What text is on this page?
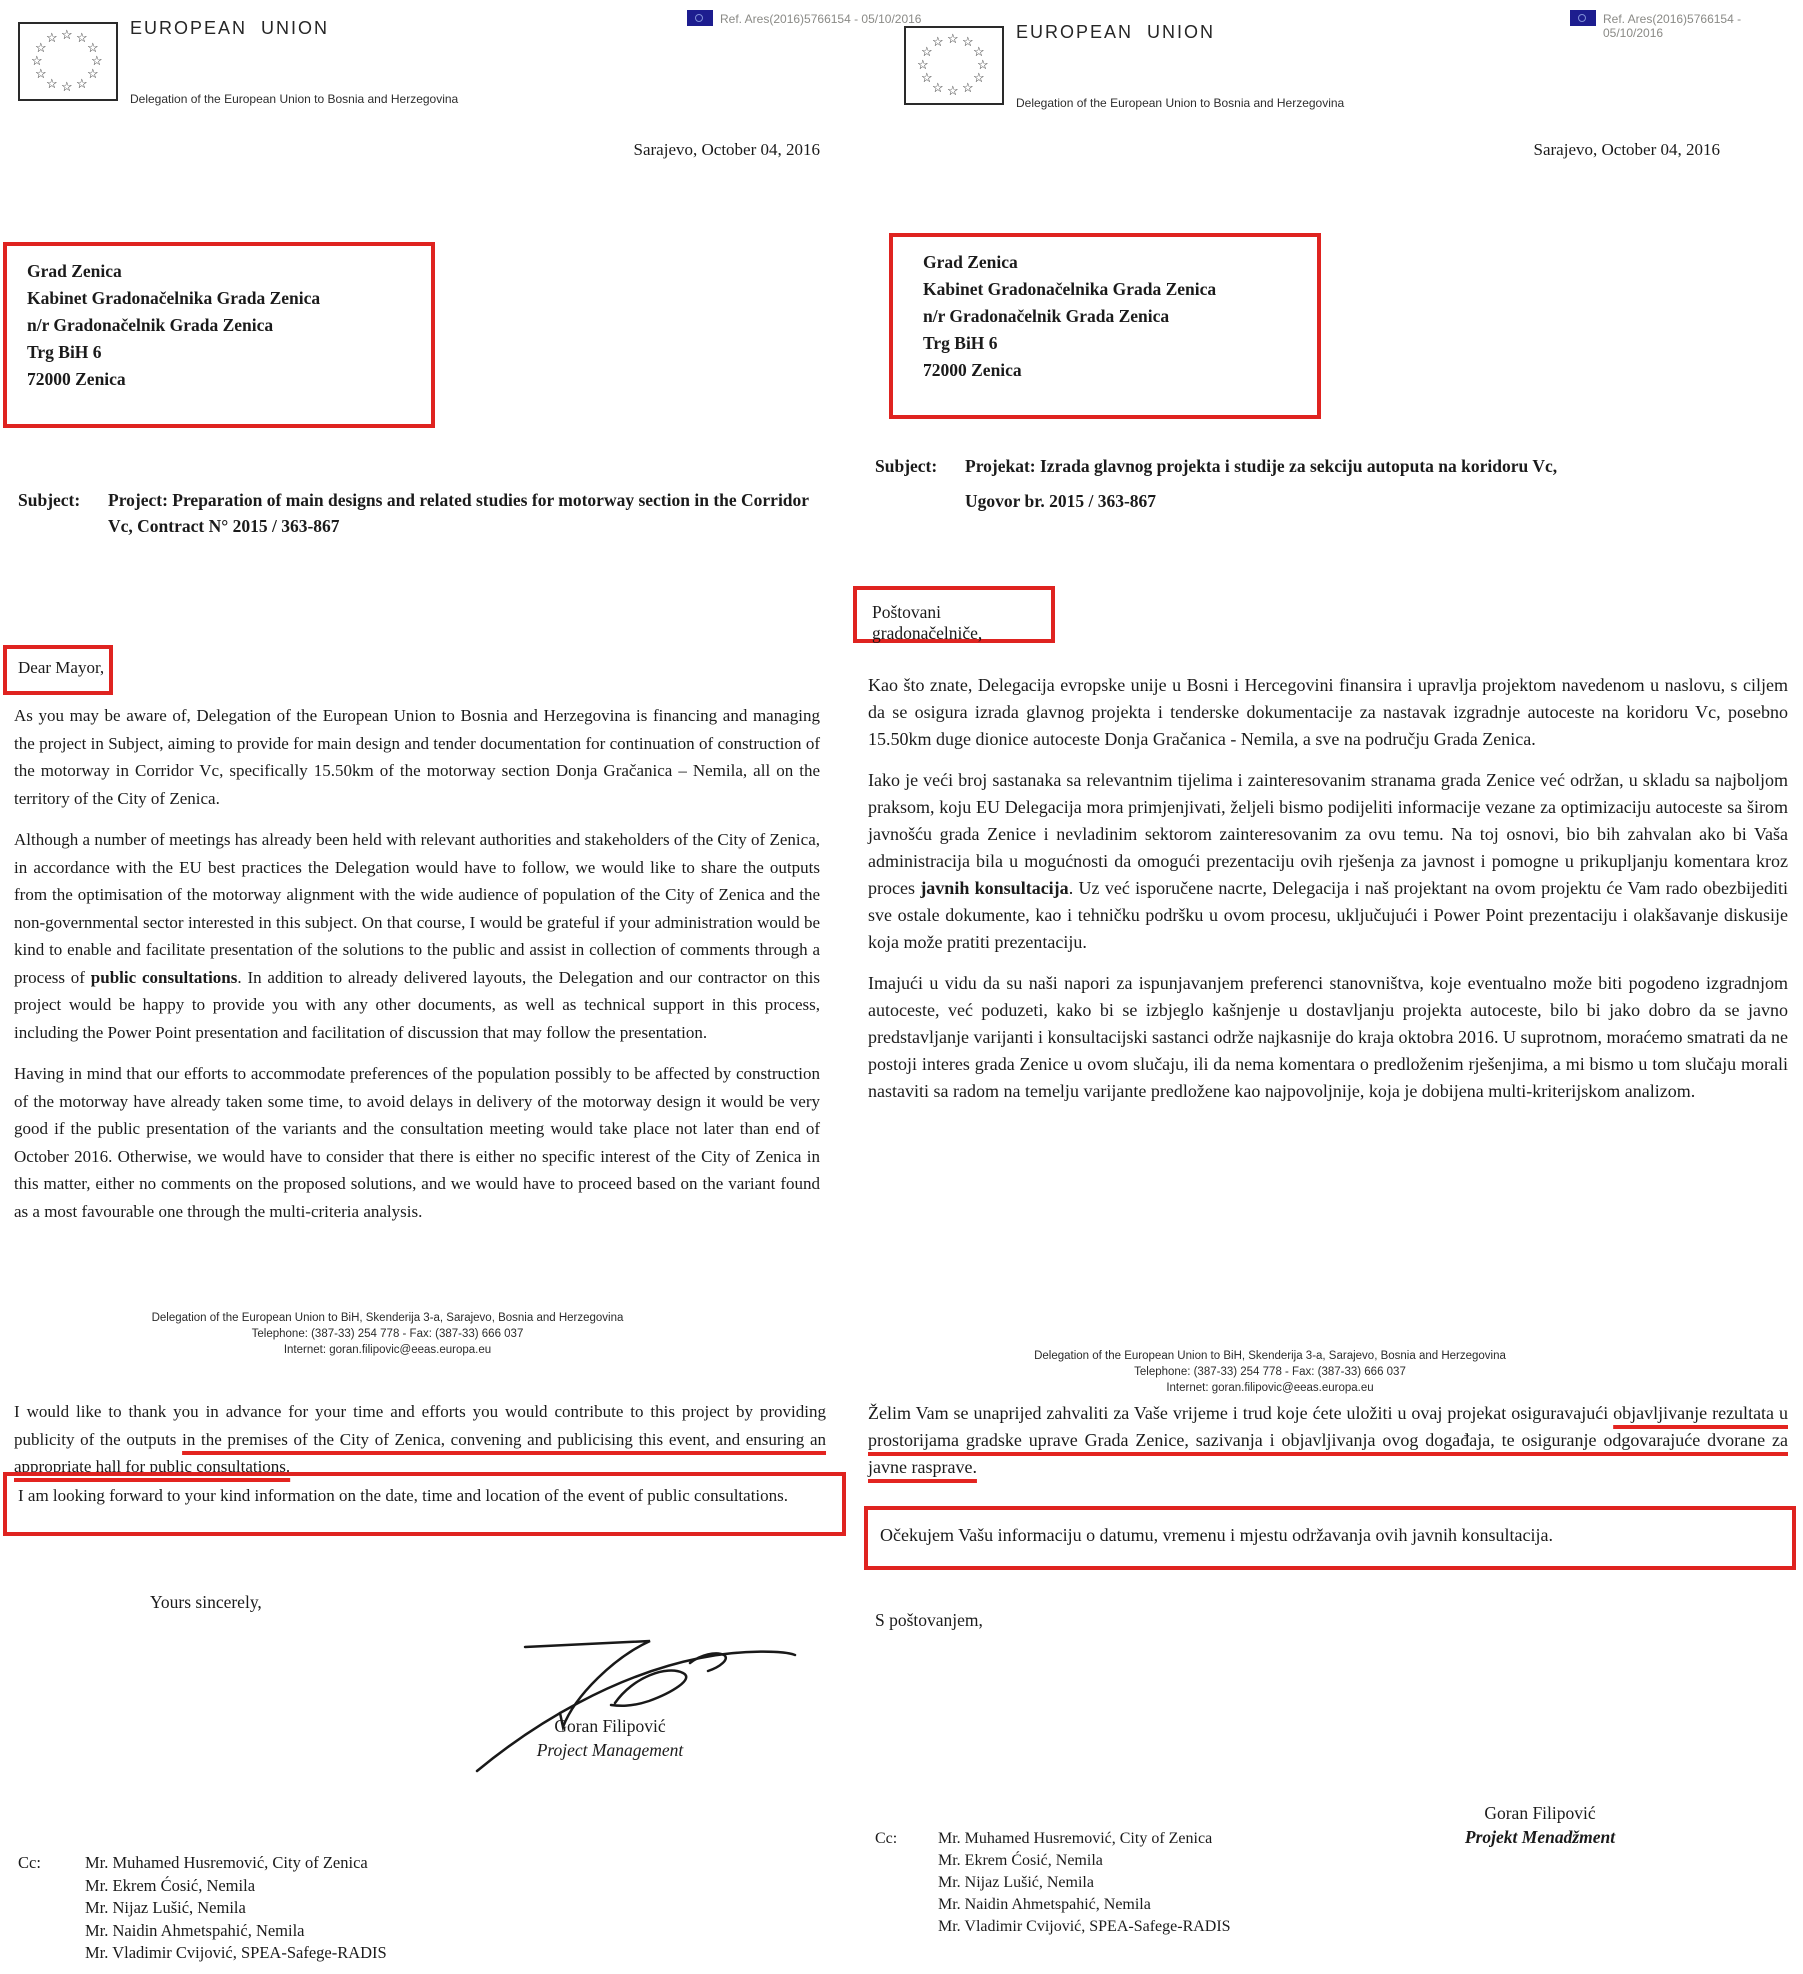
☆ ☆
☆
☆
☆
☆
☆
☆
☆
☆
☆
☆	EUROPEAN  UNION
Delegation of the European Union to Bosnia and Herzegovina
Ref. Ares(2016)5766154 - 05/10/2016
Sarajevo, October 04, 2016
Grad Zenica
Kabinet Gradonačelnika Grada Zenica
n/r Gradonačelnik Grada Zenica
Trg BiH 6
72000 Zenica
Subject: Project: Preparation of main designs and related studies for motorway section in the Corridor Vc, Contract N° 2015 / 363-867
Dear Mayor,

As you may be aware of, Delegation of the European Union to Bosnia and Herzegovina is financing and managing the project in Subject, aiming to provide for main design and tender documentation for continuation of construction of the motorway in Corridor Vc, specifically 15.50km of the motorway section Donja Gračanica – Nemila, all on the territory of the City of Zenica.

Although a number of meetings has already been held with relevant authorities and stakeholders of the City of Zenica, in accordance with the EU best practices the Delegation would have to follow, we would like to share the outputs from the optimisation of the motorway alignment with the wide audience of population of the City of Zenica and the non-governmental sector interested in this subject. On that course, I would be grateful if your administration would be kind to enable and facilitate presentation of the solutions to the public and assist in collection of comments through a process of public consultations. In addition to already delivered layouts, the Delegation and our contractor on this project would be happy to provide you with any other documents, as well as technical support in this process, including the Power Point presentation and facilitation of discussion that may follow the presentation.

Having in mind that our efforts to accommodate preferences of the population possibly to be affected by construction of the motorway have already taken some time, to avoid delays in delivery of the motorway design it would be very good if the public presentation of the variants and the consultation meeting would take place not later than end of October 2016. Otherwise, we would have to consider that there is either no specific interest of the City of Zenica in this matter, either no comments on the proposed solutions, and we would have to proceed based on the variant found as a most favourable one through the multi-criteria analysis.

Delegation of the European Union to BiH, Skenderija 3-a, Sarajevo, Bosnia and Herzegovina
Telephone: (387-33) 254 778 - Fax: (387-33) 666 037
Internet: goran.filipovic@eeas.europa.eu
I would like to thank you in advance for your time and efforts you would contribute to this project by providing publicity of the outputs in the premises of the City of Zenica, convening and publicising this event, and ensuring an appropriate hall for public consultations.
I am looking forward to your kind information on the date, time and location of the event of public consultations.
Yours sincerely,
Goran Filipović
Project Management
Cc:	Mr. Muhamed Husremović, City of Zenica
Mr. Ekrem Ćosić, Nemila
Mr. Nijaz Lušić, Nemila
Mr. Naidin Ahmetspahić, Nemila
Mr. Vladimir Cvijović, SPEA-Safege-RADIS
☆ ☆
☆
☆
☆
☆
☆
☆
☆
☆
☆
☆	EUROPEAN  UNION
Delegation of the European Union to Bosnia and Herzegovina
Ref. Ares(2016)5766154 - 05/10/2016
Sarajevo, October 04, 2016
Grad Zenica
Kabinet Gradonačelnika Grada Zenica
n/r Gradonačelnik Grada Zenica
Trg BiH 6
72000 Zenica
Subject: Projekat: Izrada glavnog projekta i studije za sekciju autoputa na koridoru Vc,
Ugovor br. 2015 / 363-867
Poštovani gradonačelniče,

Kao što znate, Delegacija evropske unije u Bosni i Hercegovini finansira i upravlja projektom navedenom u naslovu, s ciljem da se osigura izrada glavnog projekta i tenderske dokumentacije za nastavak izgradnje autoceste na koridoru Vc, posebno 15.50km duge dionice autoceste Donja Gračanica - Nemila, a sve na području Grada Zenica.

Iako je veći broj sastanaka sa relevantnim tijelima i zainteresovanim stranama grada Zenice već održan, u skladu sa najboljom praksom, koju EU Delegacija mora primjenjivati, željeli bismo podijeliti informacije vezane za optimizaciju autoceste sa širom javnošću grada Zenice i nevladinim sektorom zainteresovanim za ovu temu. Na toj osnovi, bio bih zahvalan ako bi Vaša administracija bila u mogućnosti da omogući prezentaciju ovih rješenja za javnost i pomogne u prikupljanju komentara kroz proces javnih konsultacija. Uz već isporučene nacrte, Delegacija i naš projektant na ovom projektu će Vam rado obezbijediti sve ostale dokumente, kao i tehničku podršku u ovom procesu, uključujući i Power Point prezentaciju i olakšavanje diskusije koja može pratiti prezentaciju.

Imajući u vidu da su naši napori za ispunjavanjem preferenci stanovništva, koje eventualno može biti pogodeno izgradnjom autoceste, već poduzeti, kako bi se izbjeglo kašnjenje u dostavljanju projekta autoceste, bilo bi jako dobro da se javno predstavljanje varijanti i konsultacijski sastanci održe najkasnije do kraja oktobra 2016. U suprotnom, moraćemo smatrati da ne postoji interes grada Zenice u ovom slučaju, ili da nema komentara o predloženim rješenjima, a mi bismo u tom slučaju morali nastaviti sa radom na temelju varijante predložene kao najpovoljnije, koja je dobijena multi-kriterijskom analizom.

Delegation of the European Union to BiH, Skenderija 3-a, Sarajevo, Bosnia and Herzegovina
Telephone: (387-33) 254 778 - Fax: (387-33) 666 037
Internet: goran.filipovic@eeas.europa.eu
Želim Vam se unaprijed zahvaliti za Vaše vrijeme i trud koje ćete uložiti u ovaj projekat osiguravajući objavljivanje rezultata u prostorijama gradske uprave Grada Zenice, sazivanja i objavljivanja ovog događaja, te osiguranje odgovarajuće dvorane za javne rasprave.
Očekujem Vašu informaciju o datumu, vremenu i mjestu održavanja ovih javnih konsultacija.
S poštovanjem,
Goran Filipović
Projekt Menadžment
Cc:	Mr. Muhamed Husremović, City of Zenica
Mr. Ekrem Ćosić, Nemila
Mr. Nijaz Lušić, Nemila
Mr. Naidin Ahmetspahić, Nemila
Mr. Vladimir Cvijović, SPEA-Safege-RADIS
